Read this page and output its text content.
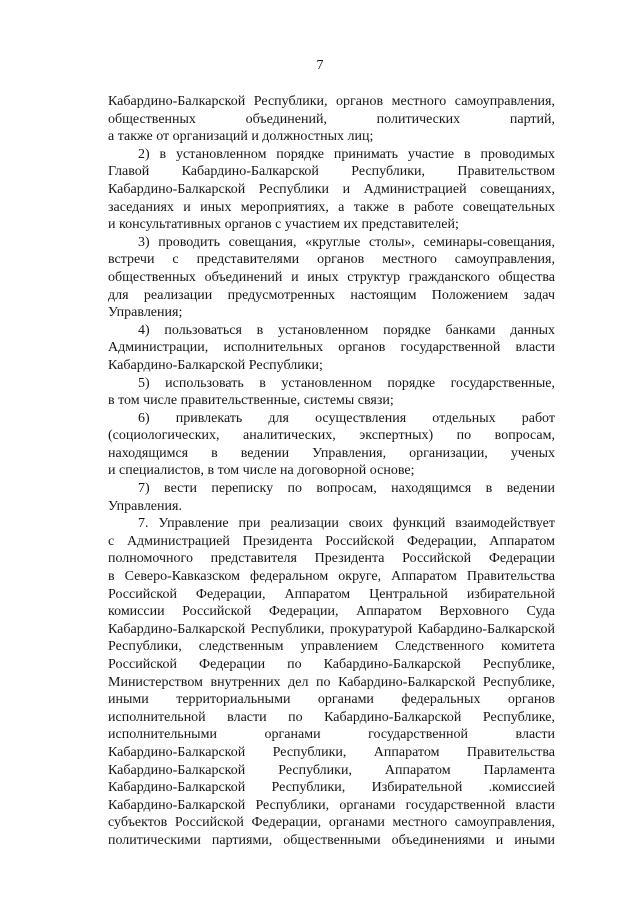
7
Кабардино-Балкарской Республики, органов местного самоуправления,
общественных объединений, политических партий,
а также от организаций и должностных лиц;
2) в установленном порядке принимать участие в проводимых
Главой Кабардино-Балкарской Республики, Правительством
Кабардино-Балкарской Республики и Администрацией совещаниях,
заседаниях и иных мероприятиях, а также в работе совещательных
и консультативных органов с участием их представителей;
3) проводить совещания, «круглые столы», семинары-совещания,
встречи с представителями органов местного самоуправления,
общественных объединений и иных структур гражданского общества
для реализации предусмотренных настоящим Положением задач
Управления;
4) пользоваться в установленном порядке банками данных
Администрации, исполнительных органов государственной власти
Кабардино-Балкарской Республики;
5) использовать в установленном порядке государственные,
в том числе правительственные, системы связи;
6) привлекать для осуществления отдельных работ
(социологических, аналитических, экспертных) по вопросам,
находящимся в ведении Управления, организации, ученых
и специалистов, в том числе на договорной основе;
7) вести переписку по вопросам, находящимся в ведении
Управления.
7. Управление при реализации своих функций взаимодействует
с Администрацией Президента Российской Федерации, Аппаратом
полномочного представителя Президента Российской Федерации
в Северо-Кавказском федеральном округе, Аппаратом Правительства
Российской Федерации, Аппаратом Центральной избирательной
комиссии Российской Федерации, Аппаратом Верховного Суда
Кабардино-Балкарской Республики, прокуратурой Кабардино-Балкарской
Республики, следственным управлением Следственного комитета
Российской Федерации по Кабардино-Балкарской Республике,
Министерством внутренних дел по Кабардино-Балкарской Республике,
иными территориальными органами федеральных органов
исполнительной власти по Кабардино-Балкарской Республике,
исполнительными органами государственной власти
Кабардино-Балкарской Республики, Аппаратом Правительства
Кабардино-Балкарской Республики, Аппаратом Парламента
Кабардино-Балкарской Республики, Избирательной .комиссией
Кабардино-Балкарской Республики, органами государственной власти
субъектов Российской Федерации, органами местного самоуправления,
политическими партиями, общественными объединениями и иными
